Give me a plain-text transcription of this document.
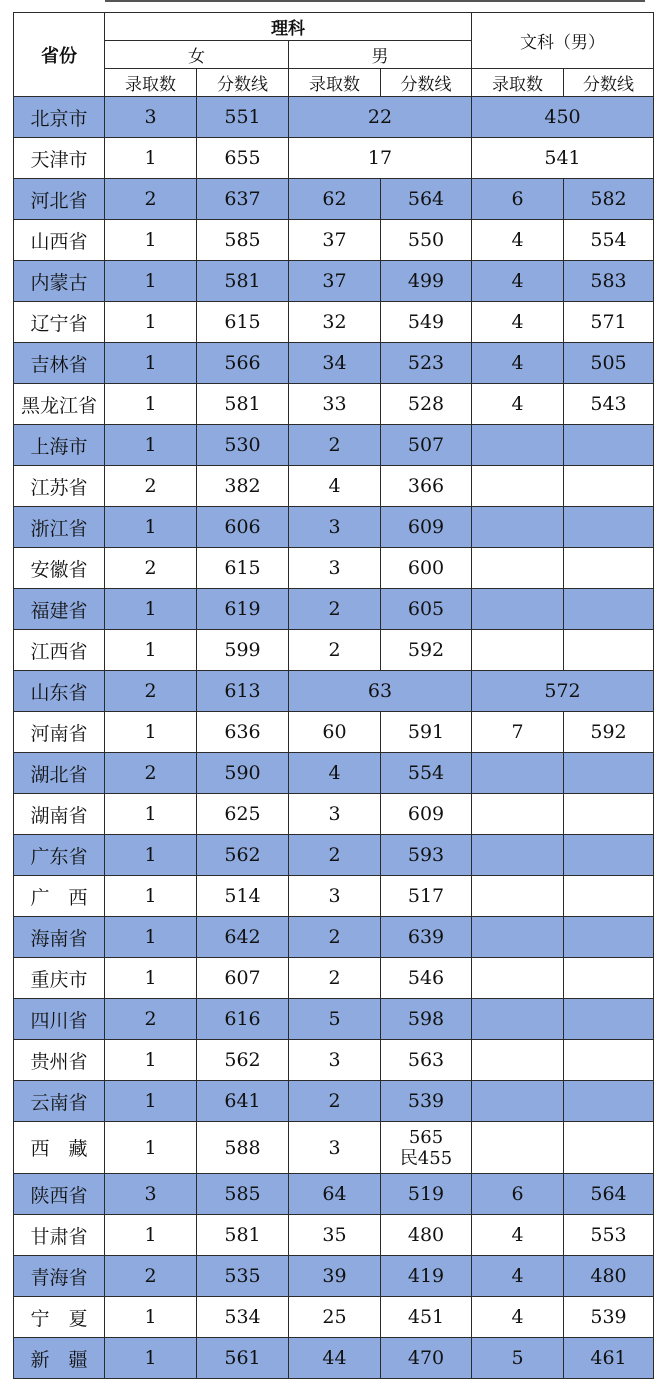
省份	理科				文科（男）	
	女		男			
	录取数	分数线	录取数	分数线	录取数	分数线
北京市	3	551	22		450	
天津市	1	655	17		541	
河北省	2	637	62	564	6	582
山西省	1	585	37	550	4	554
内蒙古	1	581	37	499	4	583
辽宁省	1	615	32	549	4	571
吉林省	1	566	34	523	4	505
黑龙江省	1	581	33	528	4	543
上海市	1	530	2	507		
江苏省	2	382	4	366		
浙江省	1	606	3	609		
安徽省	2	615	3	600		
福建省	1	619	2	605		
江西省	1	599	2	592		
山东省	2	613	63		572	
河南省	1	636	60	591	7	592
湖北省	2	590	4	554		
湖南省	1	625	3	609		
广东省	1	562	2	593		
广　西	1	514	3	517		
海南省	1	642	2	639		
重庆市	1	607	2	546		
四川省	2	616	5	598		
贵州省	1	562	3	563		
云南省	1	641	2	539		
西　藏	1	588	3	565
民455		

陕西省	3	585	64	519	6	564
甘肃省	1	581	35	480	4	553
青海省	2	535	39	419	4	480
宁　夏	1	534	25	451	4	539
新　疆	1	561	44	470	5	461
